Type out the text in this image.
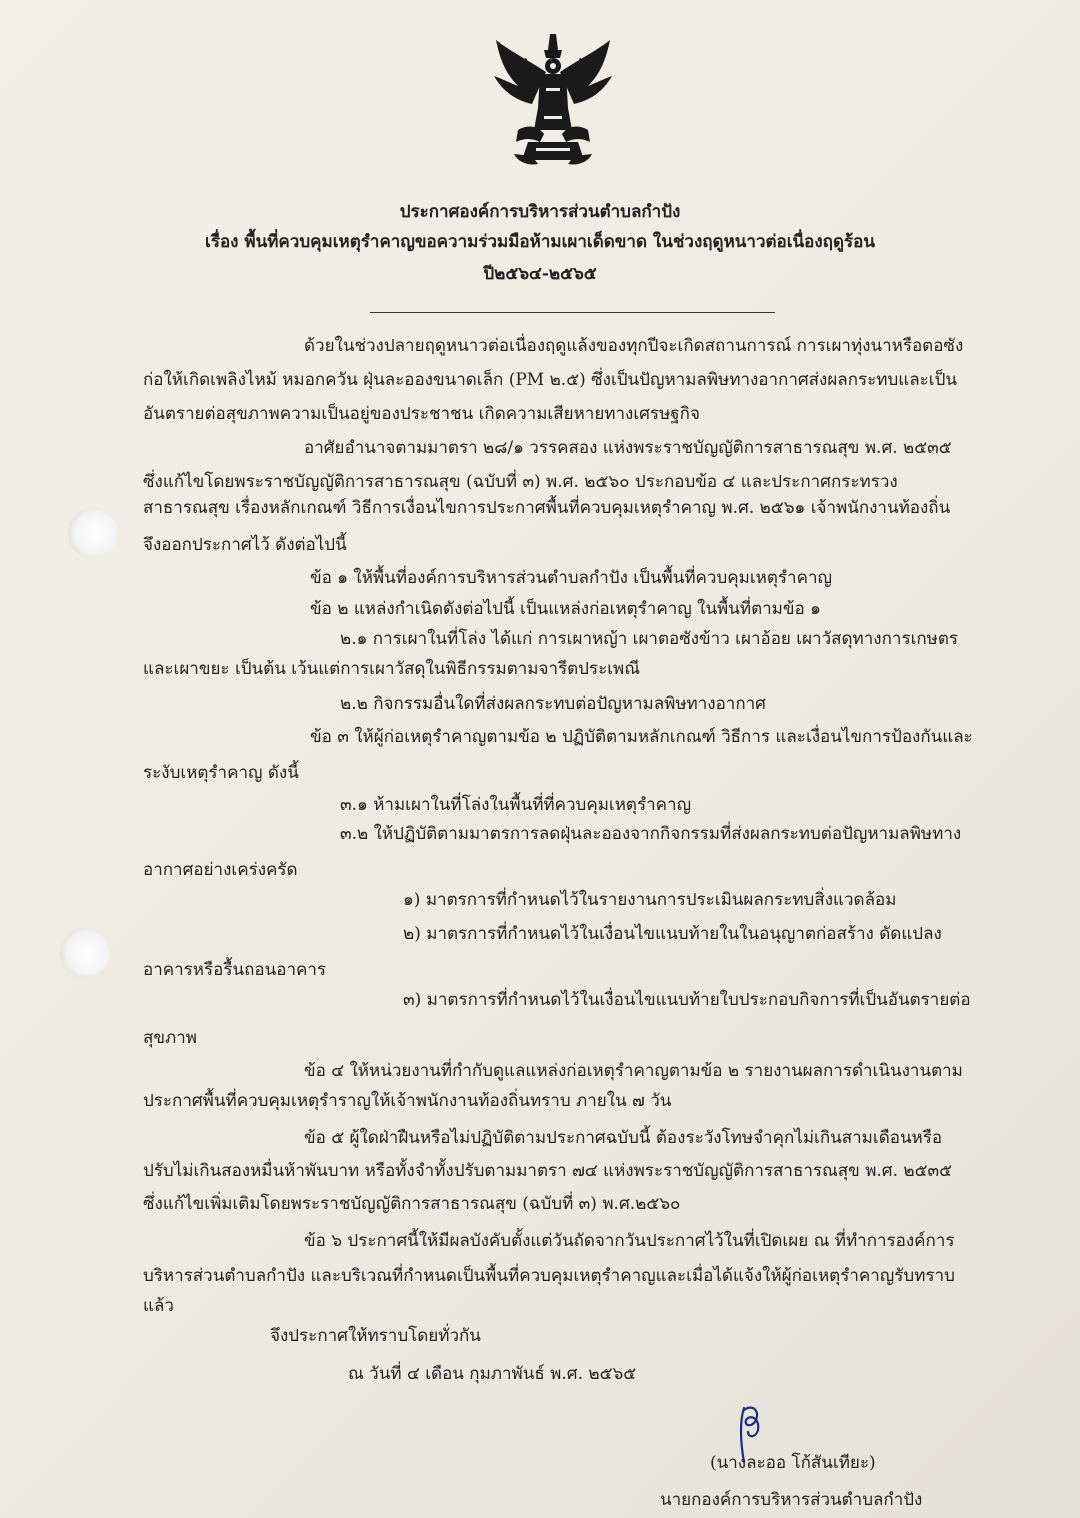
ประกาศองค์การบริหารส่วนตำบลกำปัง
เรื่อง พื้นที่ควบคุมเหตุรำคาญขอความร่วมมือห้ามเผาเด็ดขาด ในช่วงฤดูหนาวต่อเนื่องฤดูร้อน
ปี๒๕๖๔-๒๕๖๕
ด้วยในช่วงปลายฤดูหนาวต่อเนื่องฤดูแล้งของทุกปีจะเกิดสถานการณ์ การเผาทุ่งนาหรือตอซัง
ก่อให้เกิดเพลิงไหม้ หมอกควัน ฝุ่นละอองขนาดเล็ก (PM ๒.๕) ซึ่งเป็นปัญหามลพิษทางอากาศส่งผลกระทบและเป็น
อันตรายต่อสุขภาพความเป็นอยู่ของประชาชน เกิดความเสียหายทางเศรษฐกิจ
อาศัยอำนาจตามมาตรา ๒๘/๑ วรรคสอง แห่งพระราชบัญญัติการสาธารณสุข พ.ศ. ๒๕๓๕
ซึ่งแก้ไขโดยพระราชบัญญัติการสาธารณสุข (ฉบับที่ ๓) พ.ศ. ๒๕๖๐ ประกอบข้อ ๔ และประกาศกระทรวง
สาธารณสุข เรื่องหลักเกณฑ์ วิธีการเงื่อนไขการประกาศพื้นที่ควบคุมเหตุรำคาญ พ.ศ. ๒๕๖๑ เจ้าพนักงานท้องถิ่น
จึงออกประกาศไว้ ดังต่อไปนี้
ข้อ ๑ ให้พื้นที่องค์การบริหารส่วนตำบลกำปัง เป็นพื้นที่ควบคุมเหตุรำคาญ
ข้อ ๒ แหล่งกำเนิดดังต่อไปนี้ เป็นแหล่งก่อเหตุรำคาญ ในพื้นที่ตามข้อ ๑
๒.๑ การเผาในที่โล่ง ได้แก่ การเผาหญ้า เผาตอซังข้าว เผาอ้อย เผาวัสดุทางการเกษตร
และเผาขยะ เป็นต้น เว้นแต่การเผาวัสดุในพิธีกรรมตามจารีตประเพณี
๒.๒ กิจกรรมอื่นใดที่ส่งผลกระทบต่อปัญหามลพิษทางอากาศ
ข้อ ๓ ให้ผู้ก่อเหตุรำคาญตามข้อ ๒ ปฏิบัติตามหลักเกณฑ์ วิธีการ และเงื่อนไขการป้องกันและ
ระงับเหตุรำคาญ ดังนี้
๓.๑ ห้ามเผาในที่โล่งในพื้นที่ที่ควบคุมเหตุรำคาญ
๓.๒ ให้ปฏิบัติตามมาตรการลดฝุ่นละอองจากกิจกรรมที่ส่งผลกระทบต่อปัญหามลพิษทาง
อากาศอย่างเคร่งครัด
๑) มาตรการที่กำหนดไว้ในรายงานการประเมินผลกระทบสิ่งแวดล้อม
๒) มาตรการที่กำหนดไว้ในเงื่อนไขแนบท้ายในในอนุญาตก่อสร้าง ดัดแปลง
อาคารหรือรื้นถอนอาคาร
๓) มาตรการที่กำหนดไว้ในเงื่อนไขแนบท้ายใบประกอบกิจการที่เป็นอันตรายต่อ
สุขภาพ
ข้อ ๔ ให้หน่วยงานที่กำกับดูแลแหล่งก่อเหตุรำคาญตามข้อ ๒ รายงานผลการดำเนินงานตาม
ประกาศพื้นที่ควบคุมเหตุรำราญให้เจ้าพนักงานท้องถิ่นทราบ ภายใน ๗ วัน
ข้อ ๕ ผู้ใดฝ่าฝืนหรือไม่ปฏิบัติตามประกาศฉบับนี้ ต้องระวังโทษจำคุกไม่เกินสามเดือนหรือ
ปรับไม่เกินสองหมื่นห้าพันบาท หรือทั้งจำทั้งปรับตามมาตรา ๗๔ แห่งพระราชบัญญัติการสาธารณสุข พ.ศ. ๒๕๓๕
ซึ่งแก้ไขเพิ่มเติมโดยพระราชบัญญัติการสาธารณสุข (ฉบับที่ ๓) พ.ศ.๒๕๖๐
ข้อ ๖ ประกาศนี้ให้มีผลบังคับตั้งแต่วันถัดจากวันประกาศไว้ในที่เปิดเผย ณ ที่ทำการองค์การ
บริหารส่วนตำบลกำปัง และบริเวณที่กำหนดเป็นพื้นที่ควบคุมเหตุรำคาญและเมื่อได้แจ้งให้ผู้ก่อเหตุรำคาญรับทราบ
แล้ว
จึงประกาศให้ทราบโดยทั่วกัน
ณ วันที่ ๔ เดือน กุมภาพันธ์ พ.ศ. ๒๕๖๕
(นางละออ โก้สันเทียะ)
นายกองค์การบริหารส่วนตำบลกำปัง
